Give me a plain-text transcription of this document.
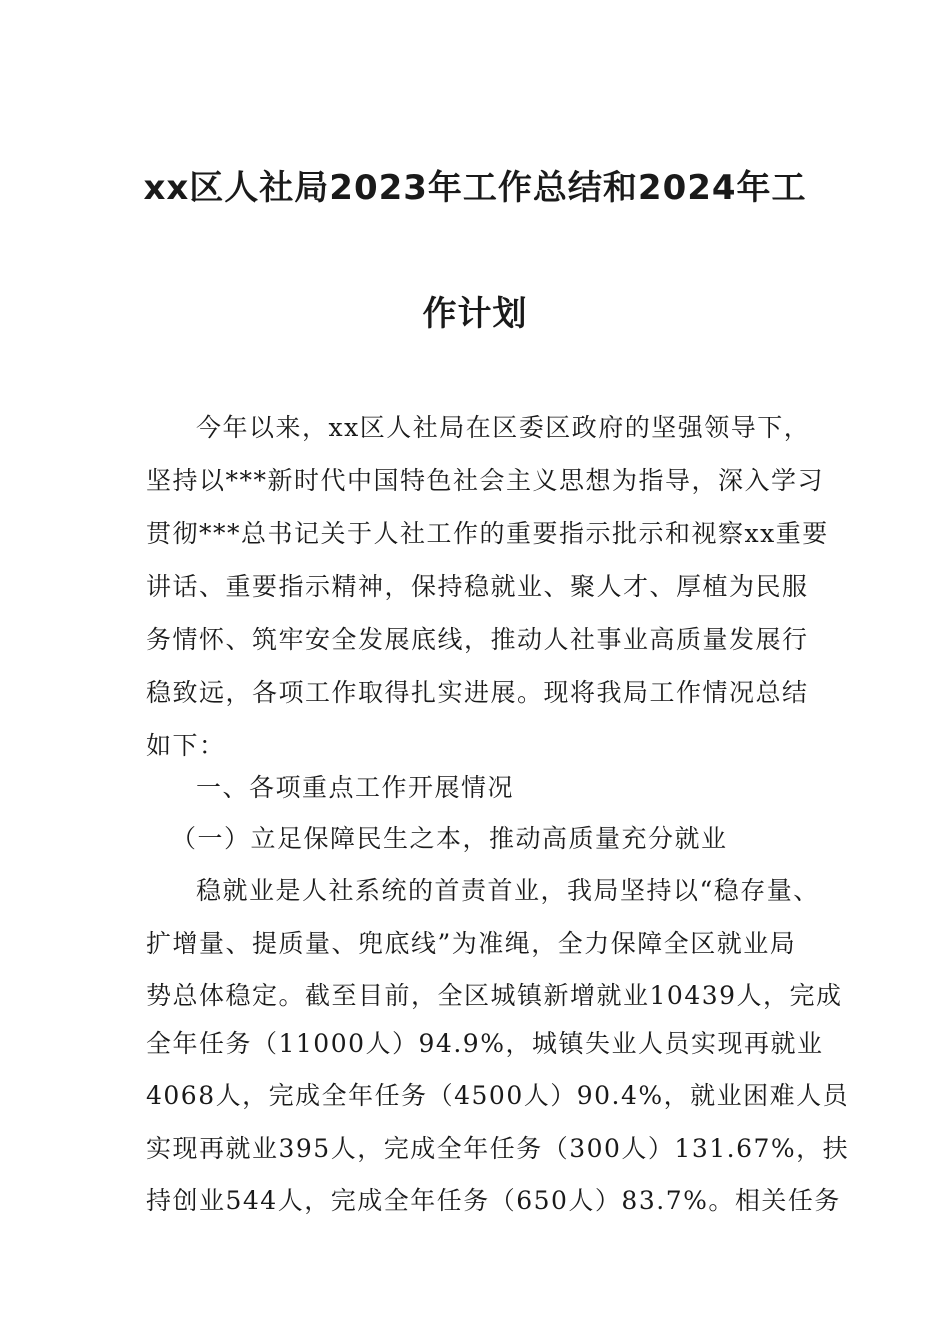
xx区人社局2023年工作总结和2024年工
作计划
今年以来，xx区人社局在区委区政府的坚强领导下，
坚持以***新时代中国特色社会主义思想为指导，深入学习
贯彻***总书记关于人社工作的重要指示批示和视察xx重要
讲话、重要指示精神，保持稳就业、聚人才、厚植为民服
务情怀、筑牢安全发展底线，推动人社事业高质量发展行
稳致远，各项工作取得扎实进展。现将我局工作情况总结
如下：
一、各项重点工作开展情况
（一）立足保障民生之本，推动高质量充分就业
稳就业是人社系统的首责首业，我局坚持以“稳存量、
扩增量、提质量、兜底线”为准绳，全力保障全区就业局
势总体稳定。截至目前，全区城镇新增就业10439人，完成
全年任务（11000人）94.9%，城镇失业人员实现再就业
4068人，完成全年任务（4500人）90.4%，就业困难人员
实现再就业395人，完成全年任务（300人）131.67%，扶
持创业544人，完成全年任务（650人）83.7%。相关任务
